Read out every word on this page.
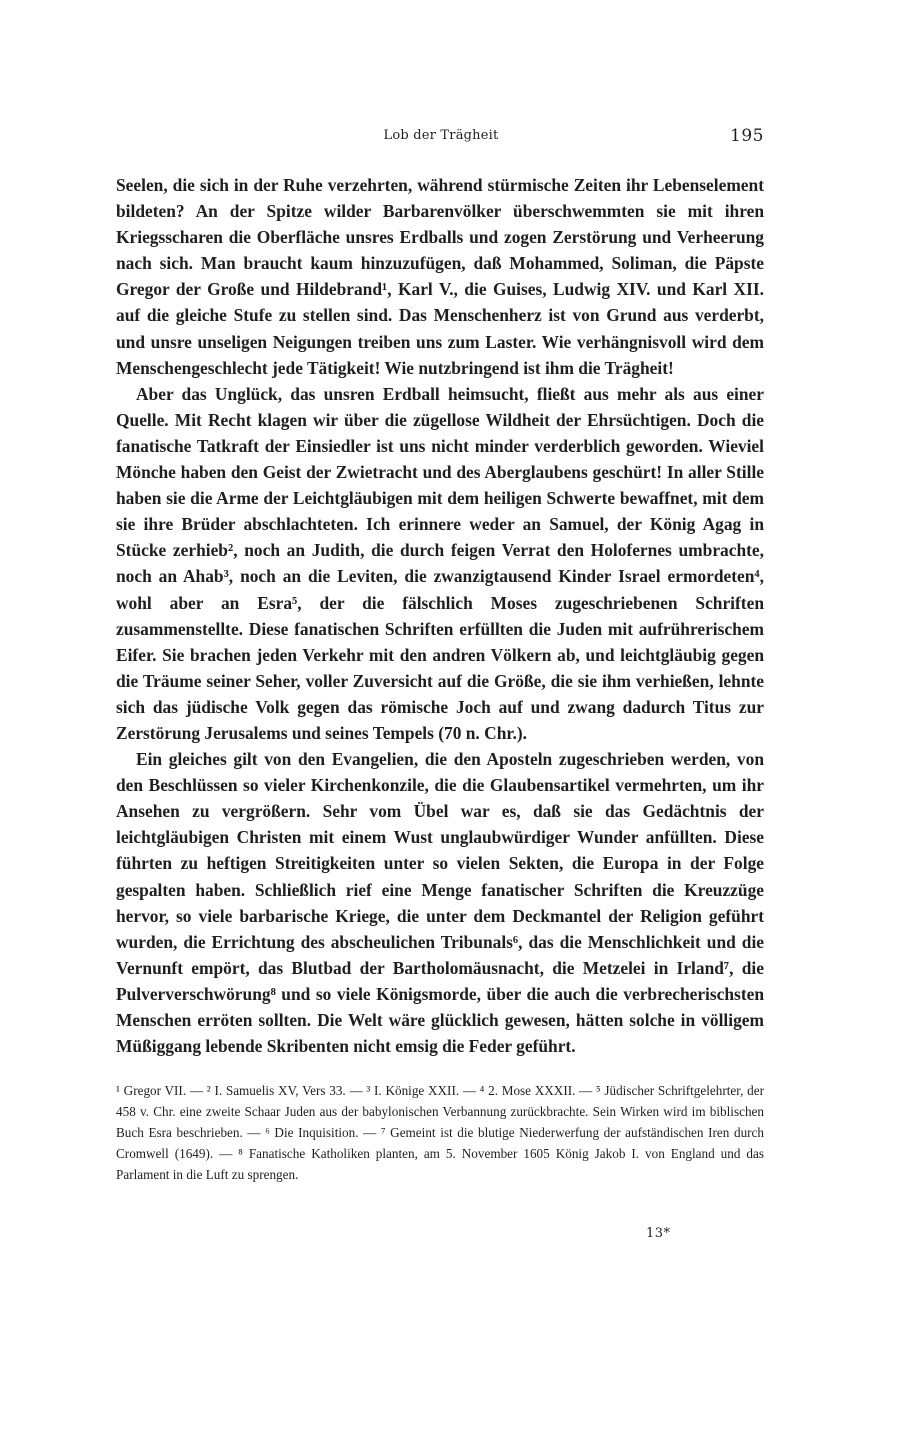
Lob der Trägheit	195

Seelen, die sich in der Ruhe verzehrten, während stürmische Zeiten ihr Lebenselement bildeten? An der Spitze wilder Barbarenvölker überschwemmten sie mit ihren Kriegsscharen die Oberfläche unsres Erdballs und zogen Zerstörung und Verheerung nach sich. Man braucht kaum hinzuzufügen, daß Mohammed, Soliman, die Päpste Gregor der Große und Hildebrand¹, Karl V., die Guises, Ludwig XIV. und Karl XII. auf die gleiche Stufe zu stellen sind. Das Menschenherz ist von Grund aus verderbt, und unsre unseligen Neigungen treiben uns zum Laster. Wie verhängnisvoll wird dem Menschengeschlecht jede Tätigkeit! Wie nutzbringend ist ihm die Trägheit!

Aber das Unglück, das unsren Erdball heimsucht, fließt aus mehr als aus einer Quelle. Mit Recht klagen wir über die zügellose Wildheit der Ehrsüchtigen. Doch die fanatische Tatkraft der Einsiedler ist uns nicht minder verderblich geworden. Wieviel Mönche haben den Geist der Zwietracht und des Aberglaubens geschürt! In aller Stille haben sie die Arme der Leichtgläubigen mit dem heiligen Schwerte bewaffnet, mit dem sie ihre Brüder abschlachteten. Ich erinnere weder an Samuel, der König Agag in Stücke zerhieb², noch an Judith, die durch feigen Verrat den Holofernes umbrachte, noch an Ahab³, noch an die Leviten, die zwanzigtausend Kinder Israel ermordeten⁴, wohl aber an Esra⁵, der die fälschlich Moses zugeschriebenen Schriften zusammenstellte. Diese fanatischen Schriften erfüllten die Juden mit aufrührerischem Eifer. Sie brachen jeden Verkehr mit den andren Völkern ab, und leichtgläubig gegen die Träume seiner Seher, voller Zuversicht auf die Größe, die sie ihm verhießen, lehnte sich das jüdische Volk gegen das römische Joch auf und zwang dadurch Titus zur Zerstörung Jerusalems und seines Tempels (70 n. Chr.).

Ein gleiches gilt von den Evangelien, die den Aposteln zugeschrieben werden, von den Beschlüssen so vieler Kirchenkonzile, die die Glaubensartikel vermehrten, um ihr Ansehen zu vergrößern. Sehr vom Übel war es, daß sie das Gedächtnis der leichtgläubigen Christen mit einem Wust unglaubwürdiger Wunder anfüllten. Diese führten zu heftigen Streitigkeiten unter so vielen Sekten, die Europa in der Folge gespalten haben. Schließlich rief eine Menge fanatischer Schriften die Kreuzzüge hervor, so viele barbarische Kriege, die unter dem Deckmantel der Religion geführt wurden, die Errichtung des abscheulichen Tribunals⁶, das die Menschlichkeit und die Vernunft empört, das Blutbad der Bartholomäusnacht, die Metzelei in Irland⁷, die Pulververschwörung⁸ und so viele Königsmorde, über die auch die verbrecherischsten Menschen erröten sollten. Die Welt wäre glücklich gewesen, hätten solche in völligem Müßiggang lebende Skribenten nicht emsig die Feder geführt.

¹ Gregor VII. — ² I. Samuelis XV, Vers 33. — ³ I. Könige XXII. — ⁴ 2. Mose XXXII. — ⁵ Jüdischer Schriftgelehrter, der 458 v. Chr. eine zweite Schaar Juden aus der babylonischen Verbannung zurückbrachte. Sein Wirken wird im biblischen Buch Esra beschrieben. — ⁶ Die Inquisition. — ⁷ Gemeint ist die blutige Niederwerfung der aufständischen Iren durch Cromwell (1649). — ⁸ Fanatische Katholiken planten, am 5. November 1605 König Jakob I. von England und das Parlament in die Luft zu sprengen.

13*
